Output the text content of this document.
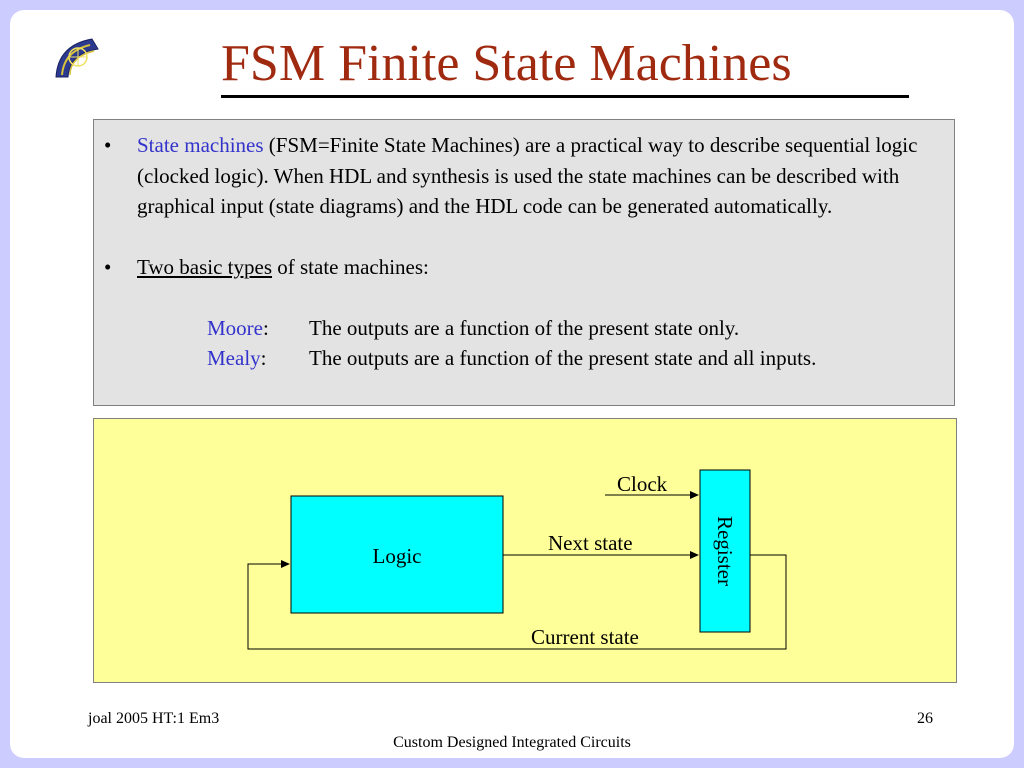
FSM Finite State Machines
• State machines (FSM=Finite State Machines) are a practical way to describe sequential logic (clocked logic). When HDL and synthesis is used the state machines can be described with graphical input (state diagrams) and the HDL code can be generated automatically.
• Two basic types of state machines:
Moore: The outputs are a function of the present state only.
Mealy: The outputs are a function of the present state and all inputs.
Logic	Register
Clock
Next state
Current state
joal 2005 HT:1 Em3	26
Custom Designed Integrated Circuits
